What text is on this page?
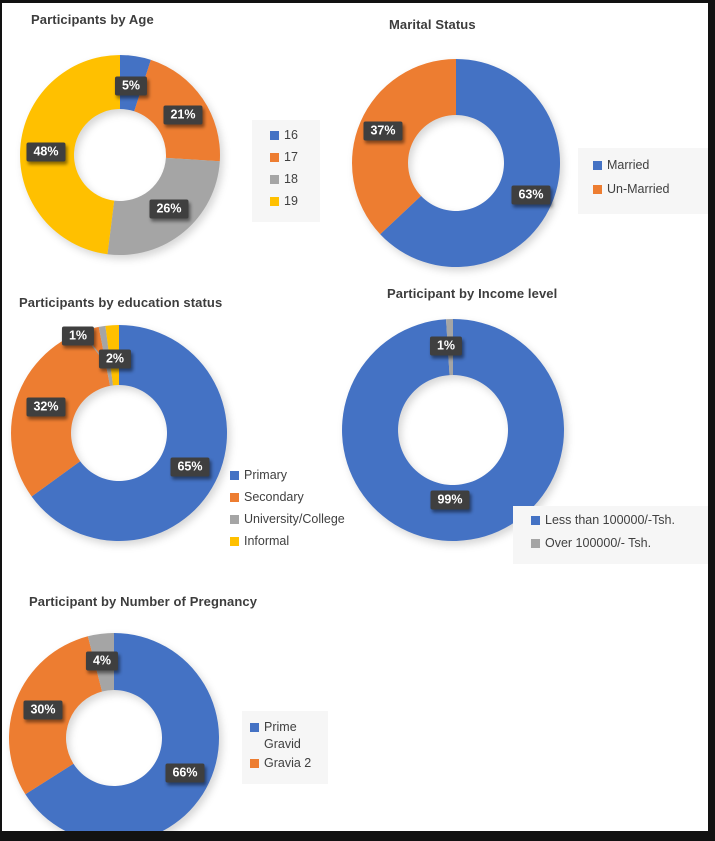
Participants by Age
5%
21%
26%
48%
16
17
18
19
Marital Status
63%
37%
Married
Un-Married
Participants by education status
65%
32%
1%
2%
Primary
Secondary
University/College
Informal
Participant by Income level
99%
1%
Less than 100000/-Tsh.
Over 100000/- Tsh.
Participant by Number of Pregnancy
66%
30%
4%
Prime Gravid
Gravia 2
